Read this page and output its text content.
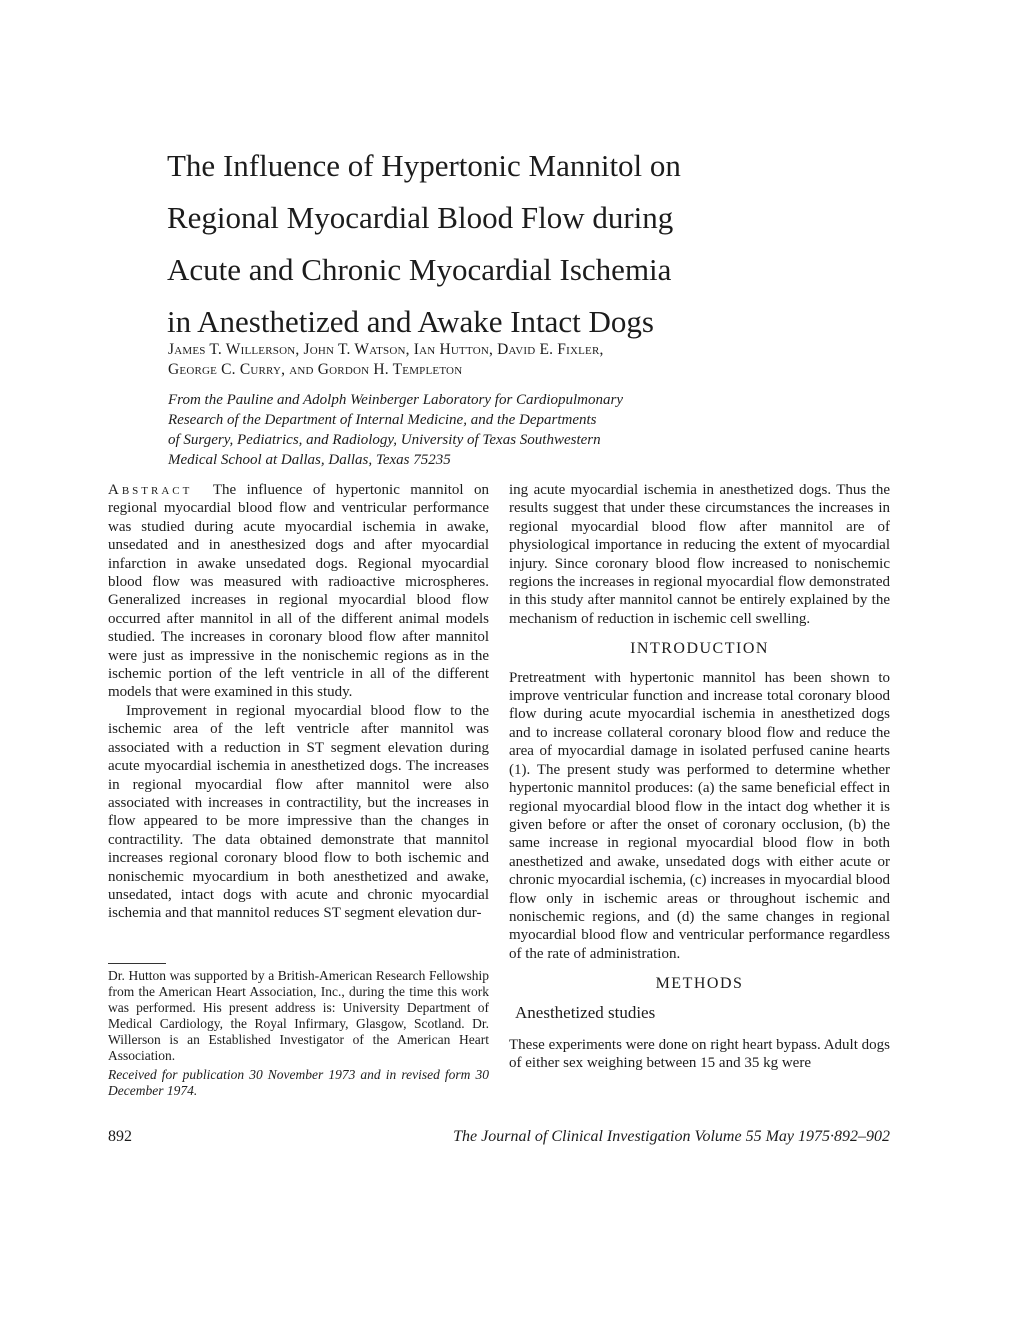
The Influence of Hypertonic Mannitol on
Regional Myocardial Blood Flow during
Acute and Chronic Myocardial Ischemia
in Anesthetized and Awake Intact Dogs
James T. Willerson, John T. Watson, Ian Hutton, David E. Fixler,
George C. Curry, and Gordon H. Templeton
From the Pauline and Adolph Weinberger Laboratory for Cardiopulmonary
Research of the Department of Internal Medicine, and the Departments
of Surgery, Pediatrics, and Radiology, University of Texas Southwestern
Medical School at Dallas, Dallas, Texas 75235

Abstract The influence of hypertonic mannitol on regional myocardial blood flow and ventricular performance was studied during acute myocardial ischemia in awake, unsedated and in anesthesized dogs and after myocardial infarction in awake unsedated dogs. Regional myocardial blood flow was measured with radioactive microspheres. Generalized increases in regional myocardial blood flow occurred after mannitol in all of the different animal models studied. The increases in coronary blood flow after mannitol were just as impressive in the nonischemic regions as in the ischemic portion of the left ventricle in all of the different models that were examined in this study.

Improvement in regional myocardial blood flow to the ischemic area of the left ventricle after mannitol was associated with a reduction in ST segment elevation during acute myocardial ischemia in anesthetized dogs. The increases in regional myocardial flow after mannitol were also associated with increases in contractility, but the increases in flow appeared to be more impressive than the changes in contractility. The data obtained demonstrate that mannitol increases regional coronary blood flow to both ischemic and nonischemic myocardium in both anesthetized and awake, unsedated, intact dogs with acute and chronic myocardial ischemia and that mannitol reduces ST segment elevation dur-

Dr. Hutton was supported by a British-American Research Fellowship from the American Heart Association, Inc., during the time this work was performed. His present address is: University Department of Medical Cardiology, the Royal Infirmary, Glasgow, Scotland. Dr. Willerson is an Established Investigator of the American Heart Association.

Received for publication 30 November 1973 and in revised form 30 December 1974.

ing acute myocardial ischemia in anesthetized dogs. Thus the results suggest that under these circumstances the increases in regional myocardial blood flow after mannitol are of physiological importance in reducing the extent of myocardial injury. Since coronary blood flow increased to nonischemic regions the increases in regional myocardial flow demonstrated in this study after mannitol cannot be entirely explained by the mechanism of reduction in ischemic cell swelling.

INTRODUCTION

Pretreatment with hypertonic mannitol has been shown to improve ventricular function and increase total coronary blood flow during acute myocardial ischemia in anesthetized dogs and to increase collateral coronary blood flow and reduce the area of myocardial damage in isolated perfused canine hearts (1). The present study was performed to determine whether hypertonic mannitol produces: (a) the same beneficial effect in regional myocardial blood flow in the intact dog whether it is given before or after the onset of coronary occlusion, (b) the same increase in regional myocardial blood flow in both anesthetized and awake, unsedated dogs with either acute or chronic myocardial ischemia, (c) increases in myocardial blood flow only in ischemic areas or throughout ischemic and nonischemic regions, and (d) the same changes in regional myocardial blood flow and ventricular performance regardless of the rate of administration.

METHODS

Anesthetized studies

These experiments were done on right heart bypass. Adult dogs of either sex weighing between 15 and 35 kg were

892	The Journal of Clinical Investigation Volume 55 May 1975·892–902
